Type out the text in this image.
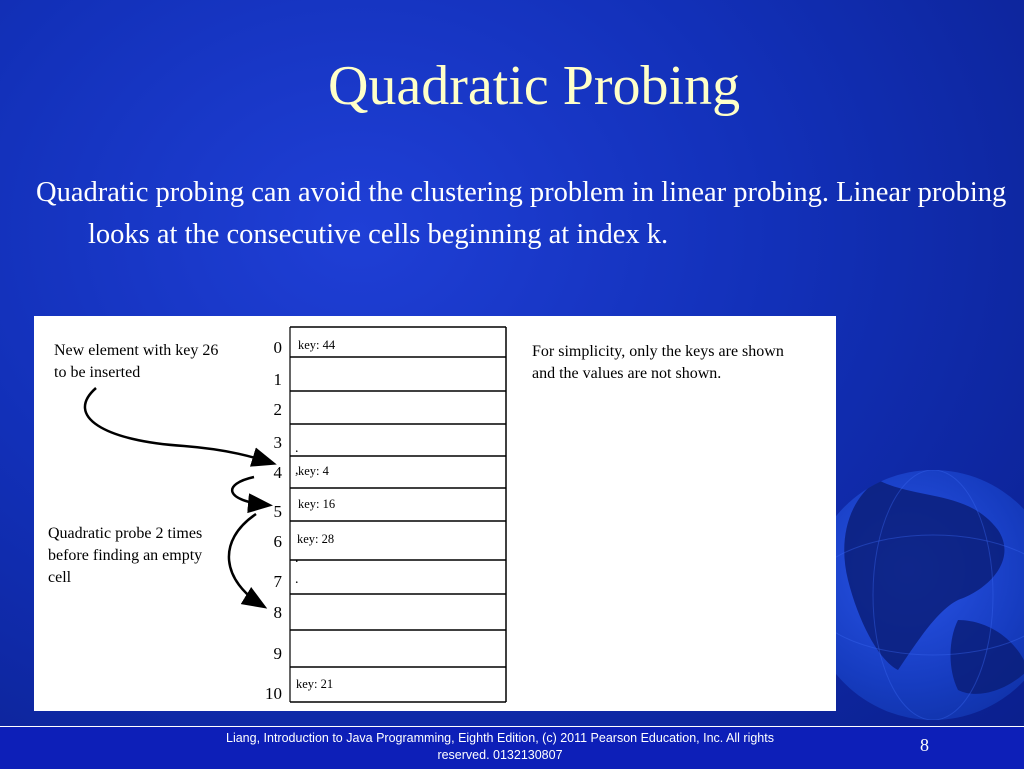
Quadratic Probing
Quadratic probing can avoid the clustering problem in linear probing. Linear probing looks at the consecutive cells beginning at index k.
New element with key 26 to be inserted
Quadratic probe 2 times before finding an empty cell
For simplicity, only the keys are shown and the values are not shown.
0
1
2
3
4
5
6
7
8
9
10
key: 44
key: 4
key: 16
key: 28
key: 21
.
,
.
.
Liang, Introduction to Java Programming, Eighth Edition, (c) 2011 Pearson Education, Inc. All rights reserved. 0132130807	8
